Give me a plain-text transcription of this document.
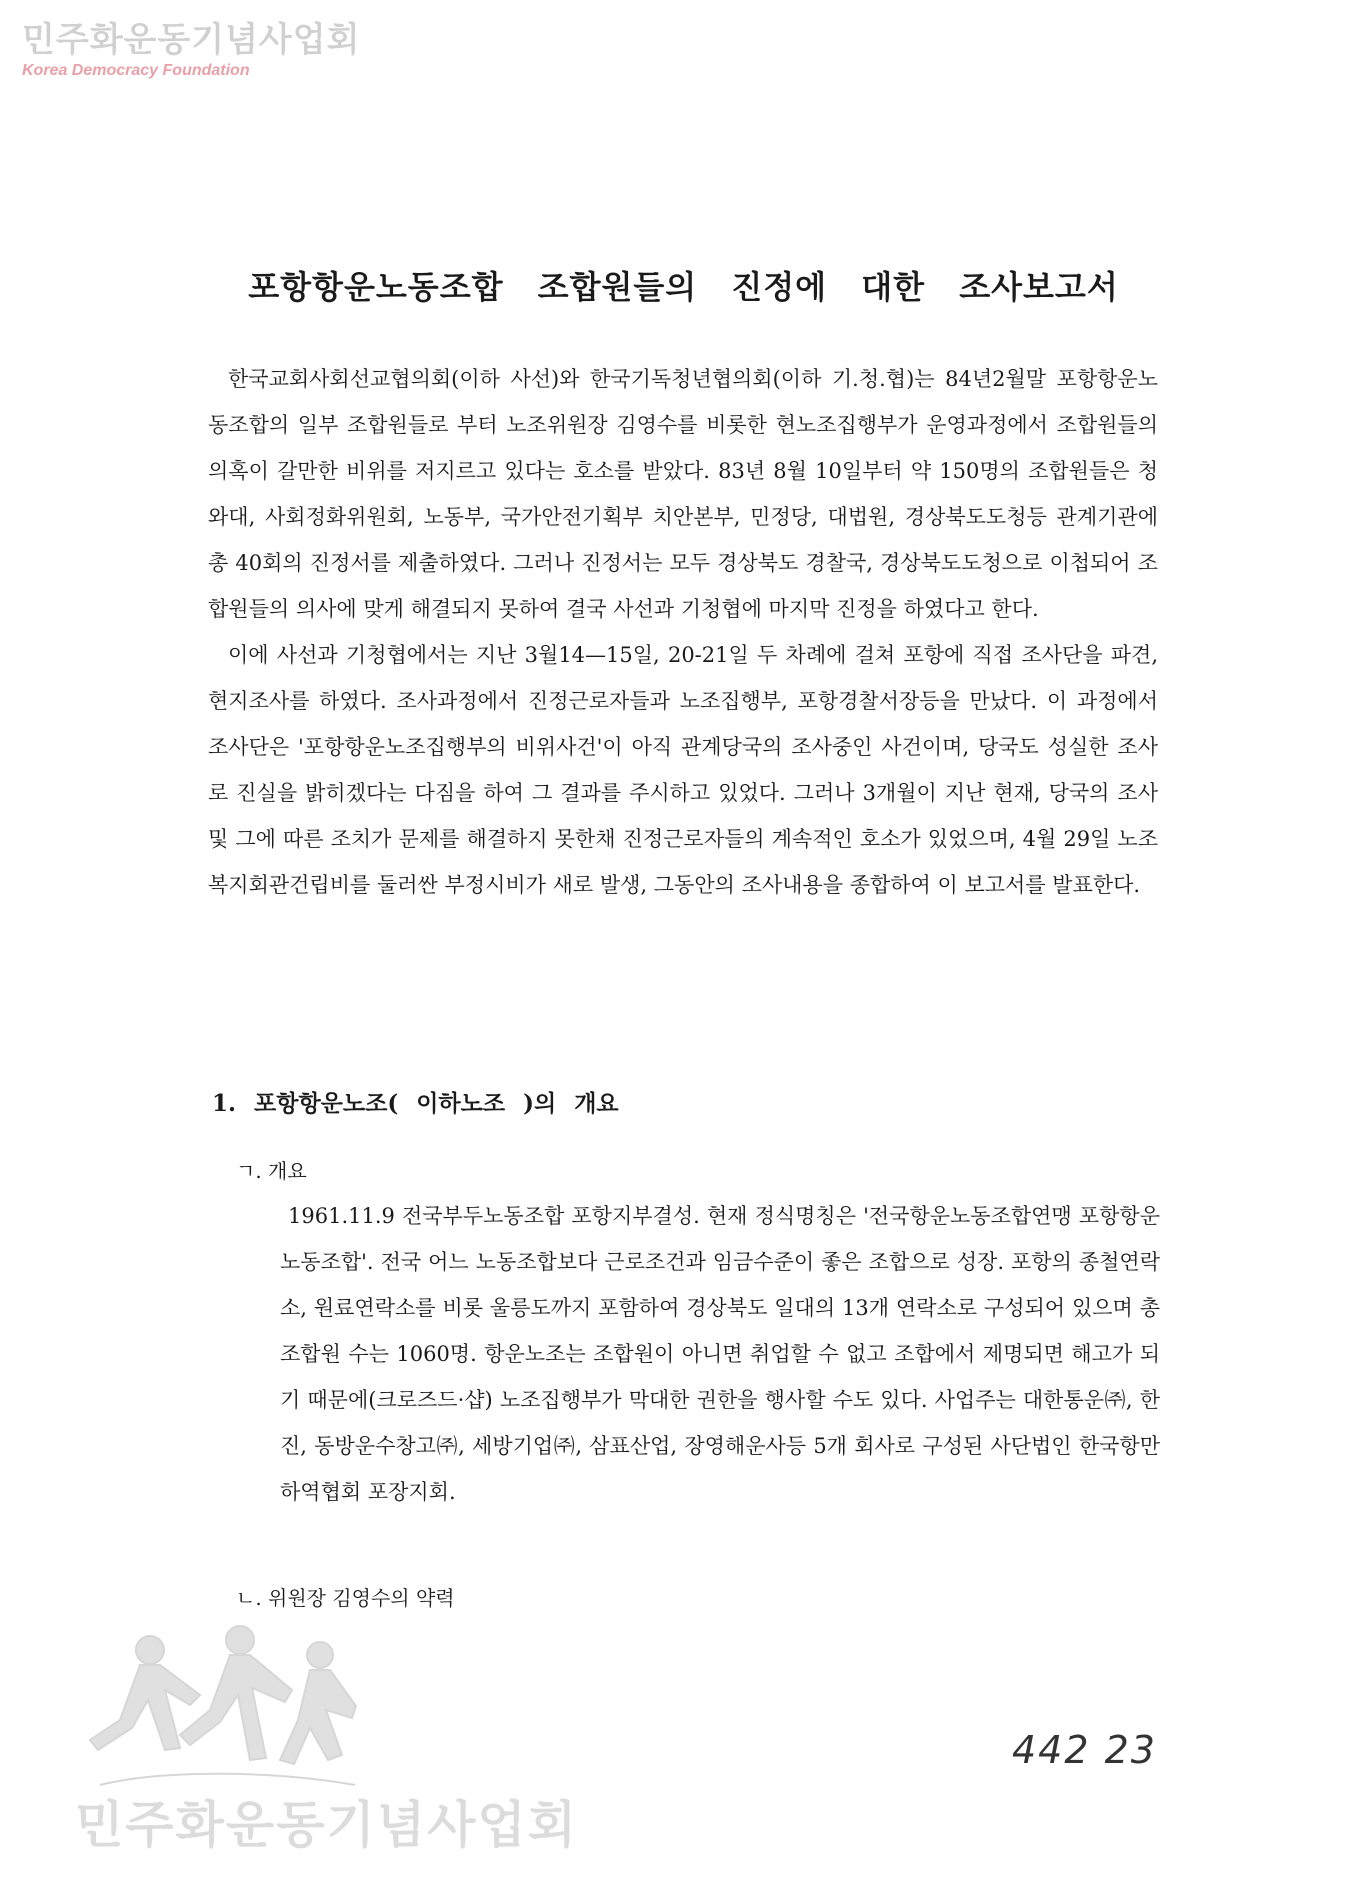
민주화운동기념사업회
Korea Democracy Foundation
포항항운노동조합 조합원들의 진정에 대한 조사보고서

한국교회사회선교협의회(이하 사선)와 한국기독청년협의회(이하 기.청.협)는 84년2월말 포항항운노동조합의 일부 조합원들로 부터 노조위원장 김영수를 비롯한 현노조집행부가 운영과정에서 조합원들의 의혹이 갈만한 비위를 저지르고 있다는 호소를 받았다. 83년 8월 10일부터 약 150명의 조합원들은 청와대, 사회정화위원회, 노동부, 국가안전기획부 치안본부, 민정당, 대법원, 경상북도도청등 관계기관에 총 40회의 진정서를 제출하였다. 그러나 진정서는 모두 경상북도 경찰국, 경상북도도청으로 이첩되어 조합원들의 의사에 맞게 해결되지 못하여 결국 사선과 기청협에 마지막 진정을 하였다고 한다.

이에 사선과 기청협에서는 지난 3월14—15일, 20-21일 두 차례에 걸쳐 포항에 직접 조사단을 파견, 현지조사를 하였다. 조사과정에서 진정근로자들과 노조집행부, 포항경찰서장등을 만났다. 이 과정에서 조사단은 '포항항운노조집행부의 비위사건'이 아직 관계당국의 조사중인 사건이며, 당국도 성실한 조사로 진실을 밝히겠다는 다짐을 하여 그 결과를 주시하고 있었다. 그러나 3개월이 지난 현재, 당국의 조사 및 그에 따른 조치가 문제를 해결하지 못한채 진정근로자들의 계속적인 호소가 있었으며, 4월 29일 노조복지회관건립비를 둘러싼 부정시비가 새로 발생, 그동안의 조사내용을 종합하여 이 보고서를 발표한다.

1. 포항항운노조( 이하노조 )의 개요
ㄱ. 개요

1961.11.9 전국부두노동조합 포항지부결성. 현재 정식명칭은 '전국항운노동조합연맹 포항항운노동조합'. 전국 어느 노동조합보다 근로조건과 임금수준이 좋은 조합으로 성장. 포항의 종철연락소, 원료연락소를 비롯 울릉도까지 포함하여 경상북도 일대의 13개 연락소로 구성되어 있으며 총 조합원 수는 1060명. 항운노조는 조합원이 아니면 취업할 수 없고 조합에서 제명되면 해고가 되기 때문에(크로즈드·샵) 노조집행부가 막대한 권한을 행사할 수도 있다. 사업주는 대한통운㈜, 한진, 동방운수창고㈜, 세방기업㈜, 삼표산업, 장영해운사등 5개 회사로 구성된 사단법인 한국항만하역협회 포장지회.

ㄴ. 위원장 김영수의 약력
민주화운동기념사업회
442 23
